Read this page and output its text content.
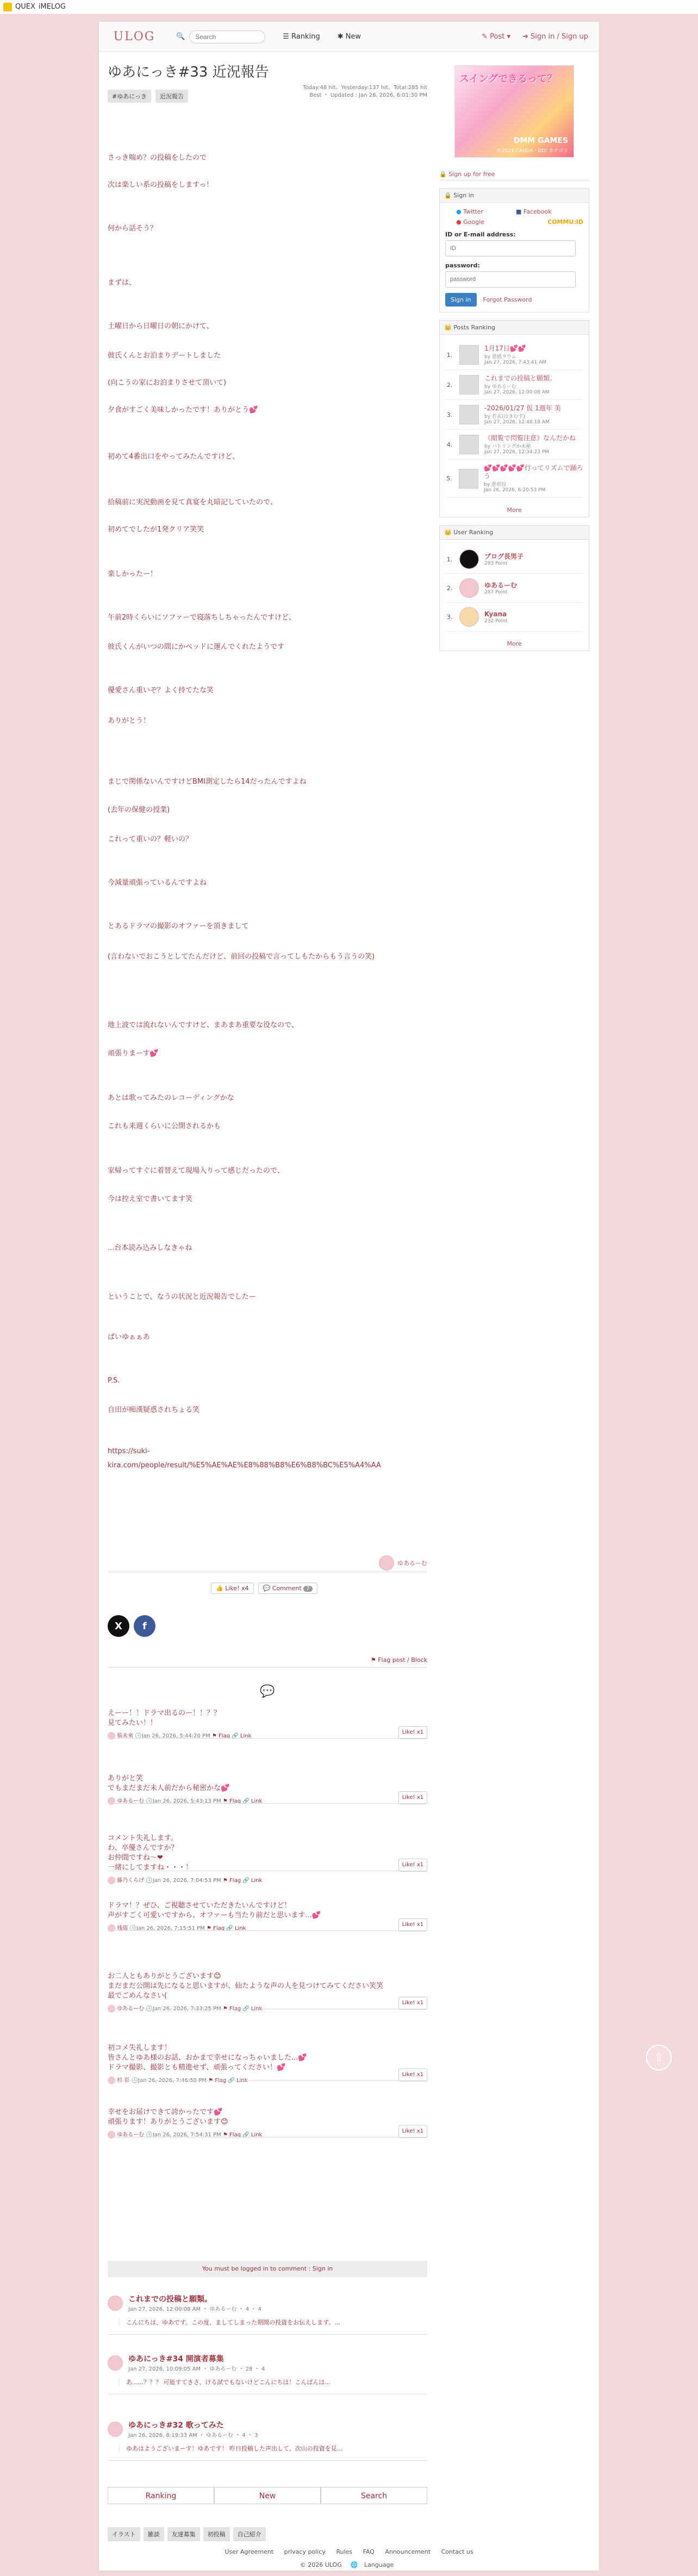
QUEX iMELOG
ULOG	🔍
Search	☰ Ranking ✱ New	✎ Post ▾ ➜ Sign in / Sign up
ゆあにっき#33 近況報告
Today:48 hit、Yesterday:137 hit、Total:285 hit
Best ・ Updated : Jan 26, 2026, 6:01:30 PM
#ゆあにっき	近況報告
さっき喘め？の投稿をしたので
次は楽しい系の投稿をしますっ！
何から話そう？
まずは、
土曜日から日曜日の朝にかけて、
彼氏くんとお泊まりデートしました
(向こうの家にお泊まりさせて頂いて)
夕食がすごく美味しかったです！ありがとう💕
初めて4番出口をやってみたんですけど、
拾稿前に実況動画を見て真宴を丸暗記していたので、
初めてでしたが1発クリア笑笑
楽しかったー！
午前2時くらいにソファーで寝落ちしちゃったんですけど、
彼氏くんがいつの間にかベッドに運んでくれたようです
優愛さん重いぞ？よく持てたな笑
ありがとう！
まじで関係ないんですけどBMI測定したら14だったんですよね
(去年の保健の授業)
これって重いの？軽いの？
今減量頑張っているんですよね
とあるドラマの撮影のオファーを頂きまして
(言わないでおこうとしてたんだけど、前回の投稿で言ってしもたからもう言うの笑)
地上波では流れないんですけど、まあまあ重要な役なので、
頑張りまーす💕
あとは歌ってみたのレコーディングかな
これも来週くらいに公開されるかも
家帰ってすぐに着替えて現場入りって感じだったので、
今は控え室で書いてます笑
...台本読み込みしなきゃね
ということで、なうの状況と近況報告でしたー
ばいゆぁぁあ
P.S.
自田が痴漢疑惑されちょる笑
https://suki-
kira.com/people/result/%E5%AE%AE%E8%88%B8%E6%B8%BC%E5%A4%AA
ゆあるーむ
👍 Like! x4	💬 Comment 7
X	f
⚑ Flag post / Block
💬
えーー！！ドラマ出るのー！！？？
見てみたい！！
悩未來 🕓Jan 26, 2026, 5:44:20 PM ⚑ Flag 🔗 Link
Like! x1
ありがと笑
でもまだまだ未人前だから秘密かな💕
ゆあるーむ 🕓Jan 26, 2026, 5:43:13 PM ⚑ Flag 🔗 Link
Like! x1
コメント失礼します。
わ、卒優さんですか？
お仲間ですね〜❤
一緒にしてますね・・・！
藤乃くらげ 🕓Jan 26, 2026, 7:04:53 PM ⚑ Flag 🔗 Link
Like! x1
ドラマ！？ぜひ、ご視聴させていただきたいんですけど！
声がすごく可愛いですから、オファーも当たり前だと思います...💕
残瑞 🕓Jan 26, 2026, 7:15:51 PM ⚑ Flag 🔗 Link
Like! x1
お二人ともありがとうございます😊
まだまだ公開は先になると思いますが、仙たような声の人を見つけてみてください笑笑
最でごめんなさい(
ゆあるーむ 🕓Jan 26, 2026, 7:33:25 PM ⚑ Flag 🔗 Link
Like! x1
初コメ失礼します！
皆さんとゆあ様のお話、おかまで幸せになっちゃいました...💕
ドラマ撮影、撮影とも精進せず、頑張ってください！💕
杉 彩 🕓Jan 26, 2026, 7:46:50 PM ⚑ Flag 🔗 Link
Like! x1
幸せをお届けできて誇かったです💕
頑張ります！ありがとうございます😊
ゆあるーむ 🕓Jan 26, 2026, 7:54:31 PM ⚑ Flag 🔗 Link
Like! x1
You must be logged in to comment : Sign in
これまでの投稿と願類。
Jan 27, 2026, 12:00:08 AM ・ ゆあるーむ ・ 4 ・ 4
こんにちは、ゆあです。この度、ましてしまった期間の投資をお伝えします。...
ゆあにっき#34 開演者募集
Jan 27, 2026, 10:09:05 AM ・ ゆあるーむ ・ 28 ・ 4
あ......？？？ 可能すてきさ、ける試でもないけどこんにちは！こんばんは...
ゆあにっき#32 歌ってみた
Jan 26, 2026, 8:19:33 AM ・ ゆあるーむ ・ 4 ・ 3
ゆあはようございまーす！ゆあです！ 昨日投稿した声出して、次山の投資を見...
Ranking	New	Search
イラスト	雑談	友達募集	初投稿	自己紹介
スイングできるって？
DMM GAMES
©2024 CANDA・DD/ カテゴリ
🔒 Sign up for free
🔒 Sign in
● Twitter	■ Facebook
● Google	COMMU:ID
ID or E-mail address:
ID
password:
password
Sign in	Forgot Password
👑 Posts Ranking
1.
1月17日💕💕
by 悪感ラウム
Jan 27, 2026, 7:43:41 AM
2.
これまでの投稿と願類。
by ゆあるーむ
Jan 27, 2026, 12:00:08 AM
3.
-2026/01/27 仮 1週年 美
by 若玄(はまむす)
Jan 27, 2026, 12:48:18 AM
4.
《閲覧で閃覧注意》なんだかね
by バトリングか未秘
Jan 27, 2026, 12:34:23 PM
5.
💕💕💕💕💕行ってリズムで踊ろう
by 悪初包
Jan 26, 2026, 6:20:53 PM
More
👑 User Ranking
1.	ブログ長男子
293 Point
2.	ゆあるーむ
287 Point
3.	Kyana
232 Point
More
User Agreement privacy policy Rules FAQ Announcement Contact us
© 2026 ULOG 🌐 Language
⇧
